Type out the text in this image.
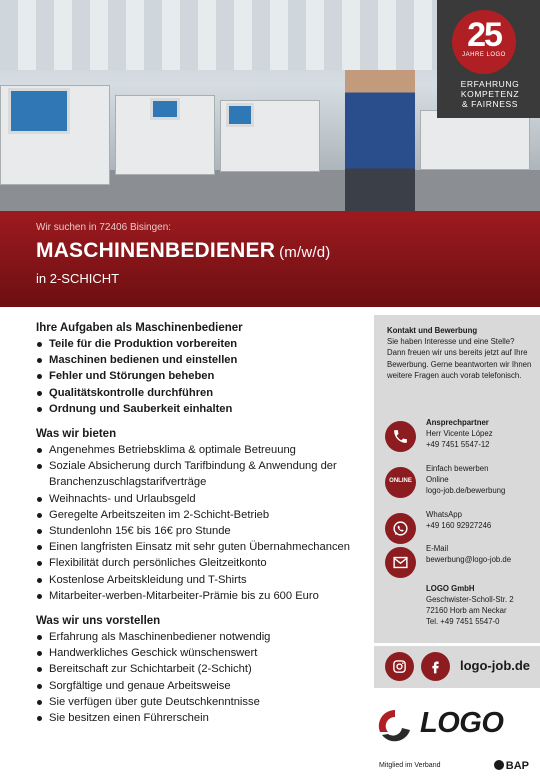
25
JAHRE LOGO
ERFAHRUNG
KOMPETENZ
& FAIRNESS
Wir suchen in 72406 Bisingen:
MASCHINENBEDIENER (m/w/d)
in 2-SCHICHT
Ihre Aufgaben als Maschinenbediener
Teile für die Produktion vorbereiten
Maschinen bedienen und einstellen
Fehler und Störungen beheben
Qualitätskontrolle durchführen
Ordnung und Sauberkeit einhalten
Was wir bieten
Angenehmes Betriebsklima & optimale Betreuung
Soziale Absicherung durch Tarifbindung & Anwendung der Branchenzuschlagstarifverträge
Weihnachts- und Urlaubsgeld
Geregelte Arbeitszeiten im 2-Schicht-Betrieb
Stundenlohn 15€ bis 16€ pro Stunde
Einen langfristen Einsatz mit sehr guten Übernahmechancen
Flexibilität durch persönliches Gleitzeitkonto
Kostenlose Arbeitskleidung und T-Shirts
Mitarbeiter-werben-Mitarbeiter-Prämie bis zu 600 Euro
Was wir uns vorstellen
Erfahrung als Maschinenbediener notwendig
Handwerkliches Geschick wünschenswert
Bereitschaft zur Schichtarbeit (2-Schicht)
Sorgfältige und genaue Arbeitsweise
Sie verfügen über gute Deutschkenntnisse
Sie besitzen einen Führerschein
Kontakt und Bewerbung
Sie haben Interesse und eine Stelle? Dann freuen wir uns bereits jetzt auf Ihre Bewerbung. Gerne beantworten wir Ihnen weitere Fragen auch vorab telefonisch.
Ansprechpartner
Herr Vicente López
+49 7451 5547-12
ONLINE
Einfach bewerben
Online
logo-job.de/bewerbung
WhatsApp
+49 160 92927246
E-Mail
bewerbung@logo-job.de
LOGO GmbH
Geschwister-Scholl-Str. 2
72160 Horb am Neckar
Tel. +49 7451 5547-0
logo-job.de
LOGO
Mitglied im Verband	BAP
